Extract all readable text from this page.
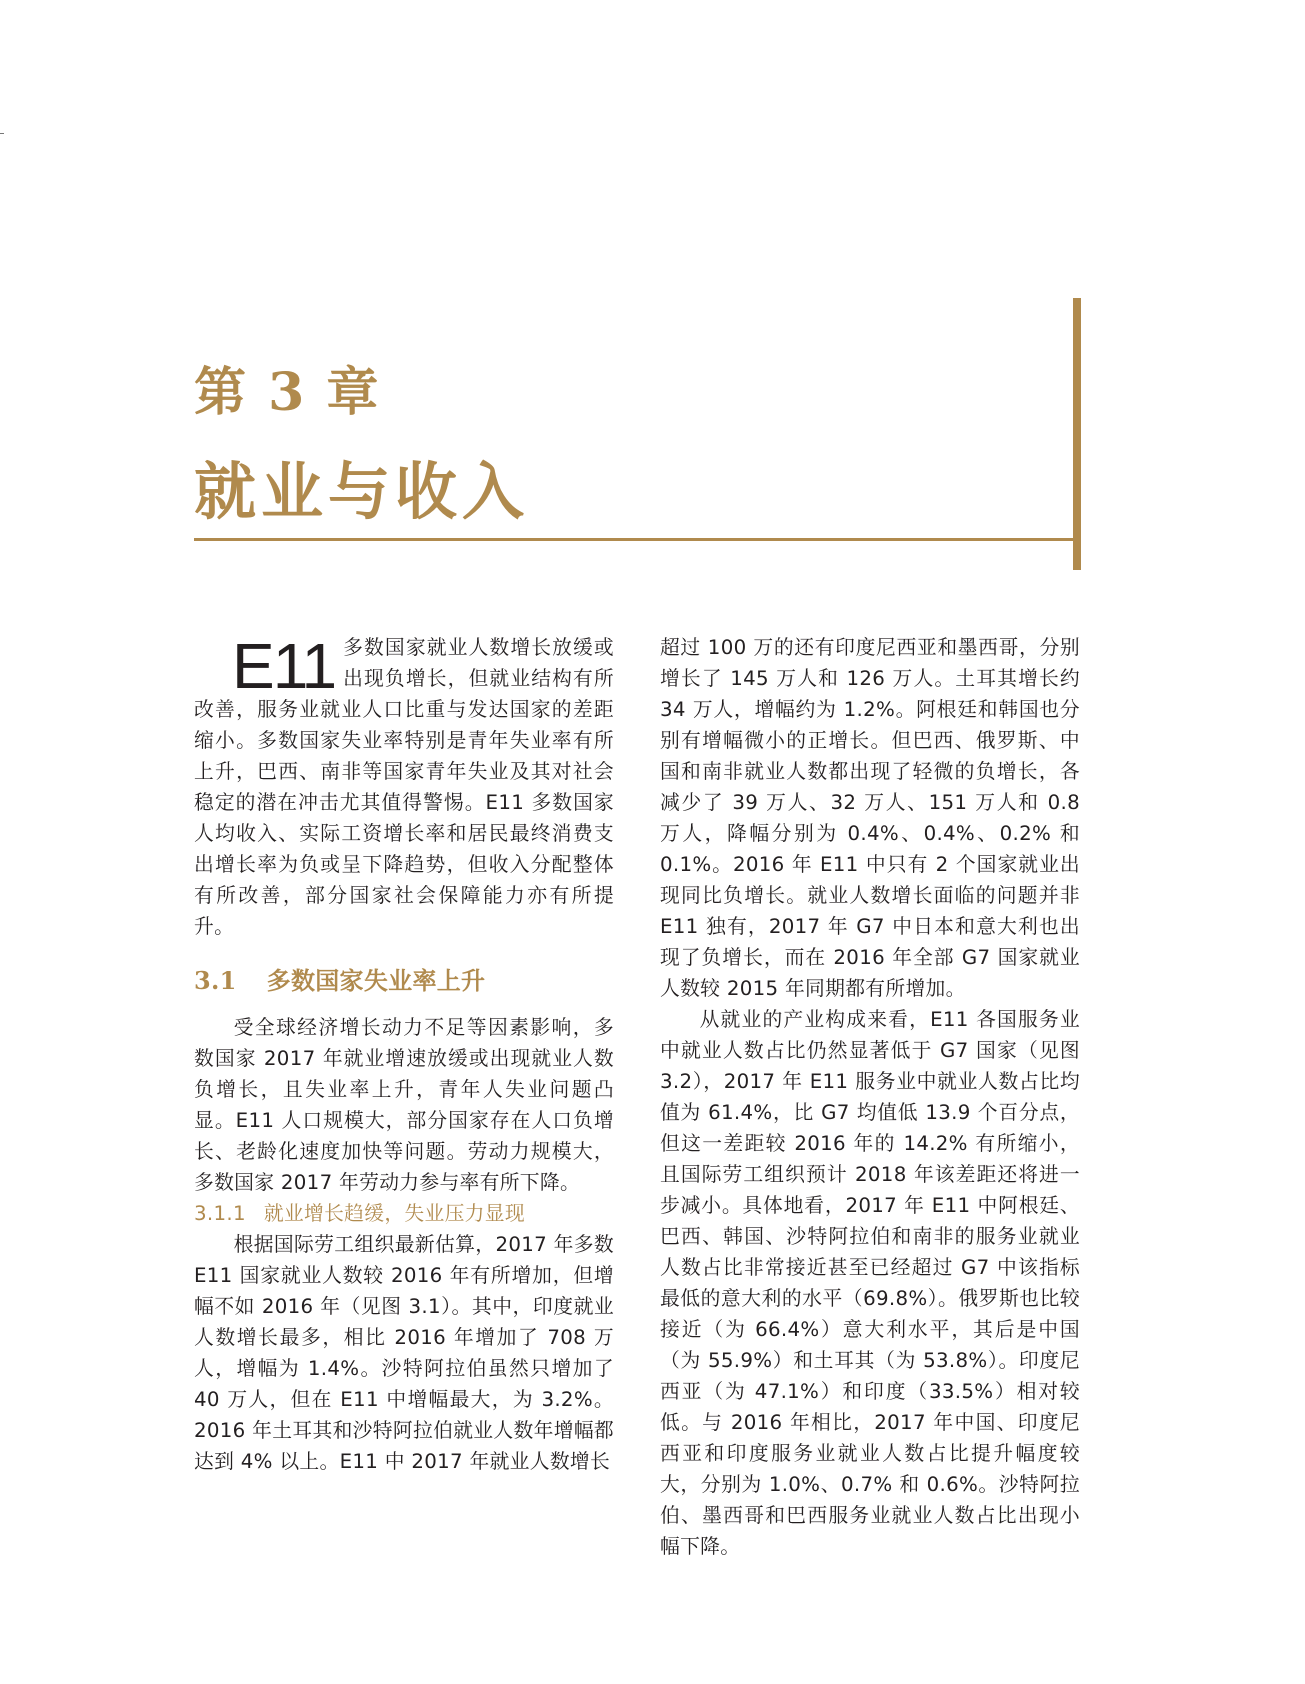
第 3 章
就业与收入

E11 多数国家就业人数增长放缓或出现负增长，但就业结构有所改善，服务业就业人口比重与发达国家的差距缩小。多数国家失业率特别是青年失业率有所上升，巴西、南非等国家青年失业及其对社会稳定的潜在冲击尤其值得警惕。E11 多数国家人均收入、实际工资增长率和居民最终消费支出增长率为负或呈下降趋势，但收入分配整体有所改善，部分国家社会保障能力亦有所提升。

3.1 多数国家失业率上升

受全球经济增长动力不足等因素影响，多数国家 2017 年就业增速放缓或出现就业人数负增长，且失业率上升，青年人失业问题凸显。E11 人口规模大，部分国家存在人口负增长、老龄化速度加快等问题。劳动力规模大，多数国家 2017 年劳动力参与率有所下降。

3.1.1 就业增长趋缓，失业压力显现

根据国际劳工组织最新估算，2017 年多数 E11 国家就业人数较 2016 年有所增加，但增幅不如 2016 年（见图 3.1）。其中，印度就业人数增长最多，相比 2016 年增加了 708 万人，增幅为 1.4%。沙特阿拉伯虽然只增加了 40 万人，但在 E11 中增幅最大，为 3.2%。2016 年土耳其和沙特阿拉伯就业人数年增幅都达到 4% 以上。E11 中 2017 年就业人数增长

超过 100 万的还有印度尼西亚和墨西哥，分别增长了 145 万人和 126 万人。土耳其增长约 34 万人，增幅约为 1.2%。阿根廷和韩国也分别有增幅微小的正增长。但巴西、俄罗斯、中国和南非就业人数都出现了轻微的负增长，各减少了 39 万人、32 万人、151 万人和 0.8 万人，降幅分别为 0.4%、0.4%、0.2% 和 0.1%。2016 年 E11 中只有 2 个国家就业出现同比负增长。就业人数增长面临的问题并非 E11 独有，2017 年 G7 中日本和意大利也出现了负增长，而在 2016 年全部 G7 国家就业人数较 2015 年同期都有所增加。

从就业的产业构成来看，E11 各国服务业中就业人数占比仍然显著低于 G7 国家（见图 3.2），2017 年 E11 服务业中就业人数占比均值为 61.4%，比 G7 均值低 13.9 个百分点，但这一差距较 2016 年的 14.2% 有所缩小，且国际劳工组织预计 2018 年该差距还将进一步减小。具体地看，2017 年 E11 中阿根廷、巴西、韩国、沙特阿拉伯和南非的服务业就业人数占比非常接近甚至已经超过 G7 中该指标最低的意大利的水平（69.8%）。俄罗斯也比较接近（为 66.4%）意大利水平，其后是中国（为 55.9%）和土耳其（为 53.8%）。印度尼西亚（为 47.1%）和印度（33.5%）相对较低。与 2016 年相比，2017 年中国、印度尼西亚和印度服务业就业人数占比提升幅度较大，分别为 1.0%、0.7% 和 0.6%。沙特阿拉伯、墨西哥和巴西服务业就业人数占比出现小幅下降。
